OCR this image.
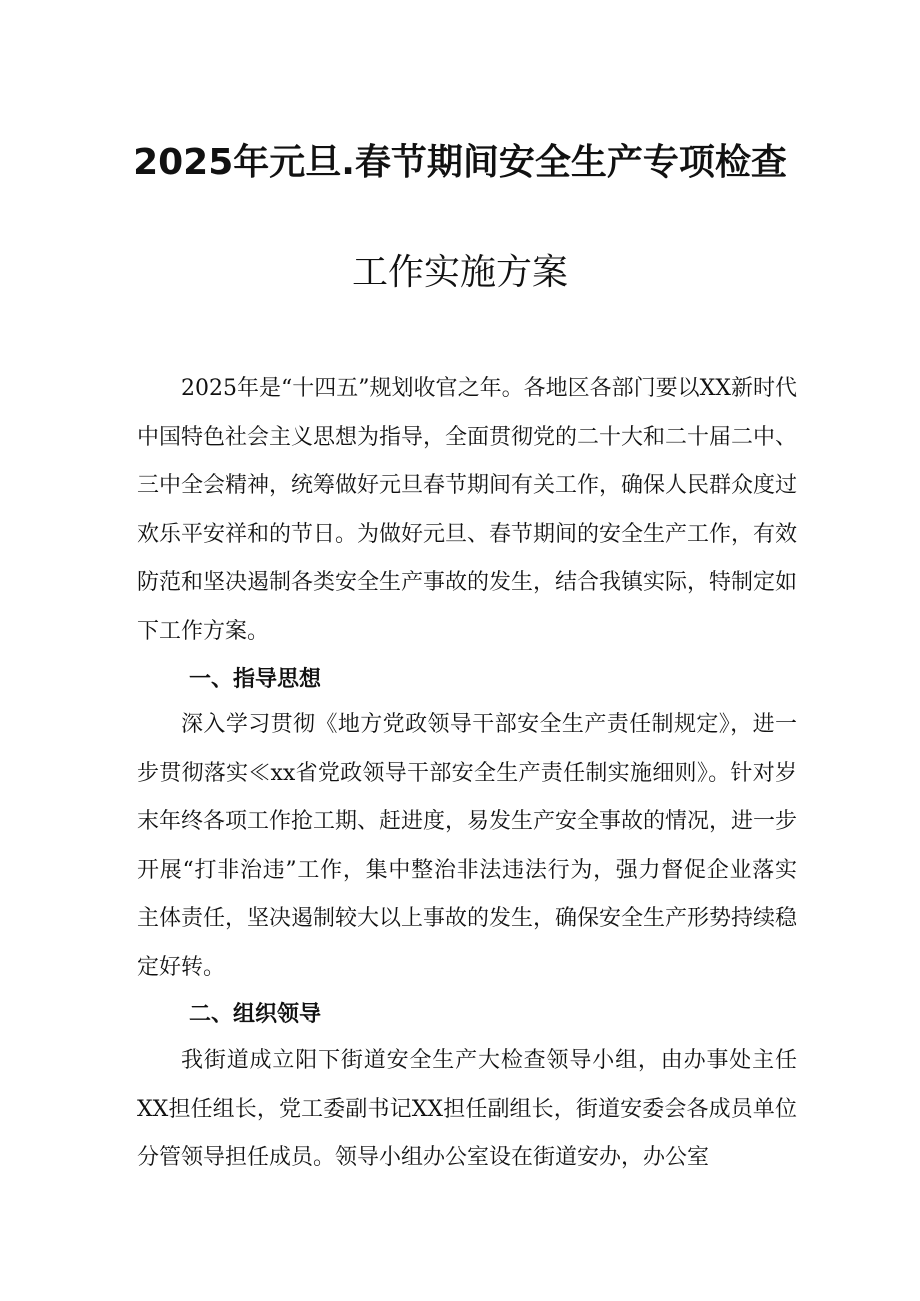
2025年元旦.春节期间安全生产专项检查
工作实施方案

2025年是“十四五”规划收官之年。各地区各部门要以XX新时代中国特色社会主义思想为指导，全面贯彻党的二十大和二十届二中、三中全会精神，统筹做好元旦春节期间有关工作，确保人民群众度过欢乐平安祥和的节日。为做好元旦、春节期间的安全生产工作，有效防范和坚决遏制各类安全生产事故的发生，结合我镇实际，特制定如下工作方案。

一、指导思想

深入学习贯彻《地方党政领导干部安全生产责任制规定》，进一步贯彻落实≪xx省党政领导干部安全生产责任制实施细则》。针对岁末年终各项工作抢工期、赶进度，易发生产安全事故的情况，进一步开展“打非治违”工作，集中整治非法违法行为，强力督促企业落实主体责任，坚决遏制较大以上事故的发生，确保安全生产形势持续稳定好转。

二、组织领导

我街道成立阳下街道安全生产大检查领导小组，由办事处主任XX担任组长，党工委副书记XX担任副组长，街道安委会各成员单位分管领导担任成员。领导小组办公室设在街道安办，办公室
